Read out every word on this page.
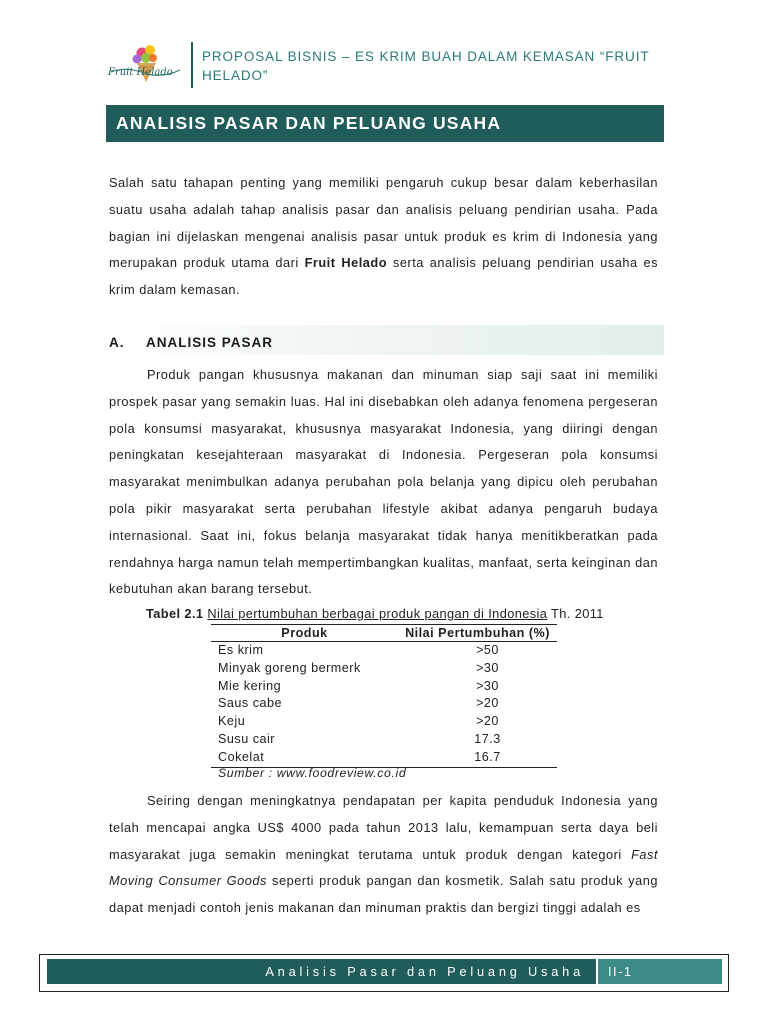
Fruit Helado
PROPOSAL BISNIS – ES KRIM BUAH DALAM KEMASAN “FRUIT
HELADO”
ANALISIS PASAR DAN PELUANG USAHA
Salah satu tahapan penting yang memiliki pengaruh cukup besar dalam keberhasilan suatu usaha adalah tahap analisis pasar dan analisis peluang pendirian usaha. Pada bagian ini dijelaskan mengenai analisis pasar untuk produk es krim di Indonesia yang merupakan produk utama dari Fruit Helado serta analisis peluang pendirian usaha es krim dalam kemasan.
A. ANALISIS PASAR
Produk pangan khususnya makanan dan minuman siap saji saat ini memiliki prospek pasar yang semakin luas. Hal ini disebabkan oleh adanya fenomena pergeseran pola konsumsi masyarakat, khususnya masyarakat Indonesia, yang diiringi dengan peningkatan kesejahteraan masyarakat di Indonesia. Pergeseran pola konsumsi masyarakat menimbulkan adanya perubahan pola belanja yang dipicu oleh perubahan pola pikir masyarakat serta perubahan lifestyle akibat adanya pengaruh budaya internasional. Saat ini, fokus belanja masyarakat tidak hanya menitikberatkan pada rendahnya harga namun telah mempertimbangkan kualitas, manfaat, serta keinginan dan kebutuhan akan barang tersebut.
Tabel 2.1 Nilai pertumbuhan berbagai produk pangan di Indonesia Th. 2011
Produk	Nilai Pertumbuhan (%)
Es krim	>50
Minyak goreng bermerk	>30
Mie kering	>30
Saus cabe	>20
Keju	>20
Susu cair	17.3
Cokelat	16.7
Sumber : www.foodreview.co.id
Seiring dengan meningkatnya pendapatan per kapita penduduk Indonesia yang telah mencapai angka US$ 4000 pada tahun 2013 lalu, kemampuan serta daya beli masyarakat juga semakin meningkat terutama untuk produk dengan kategori Fast Moving Consumer Goods seperti produk pangan dan kosmetik. Salah satu produk yang dapat menjadi contoh jenis makanan dan minuman praktis dan bergizi tinggi adalah es
Analisis Pasar dan Peluang Usaha	II-1
